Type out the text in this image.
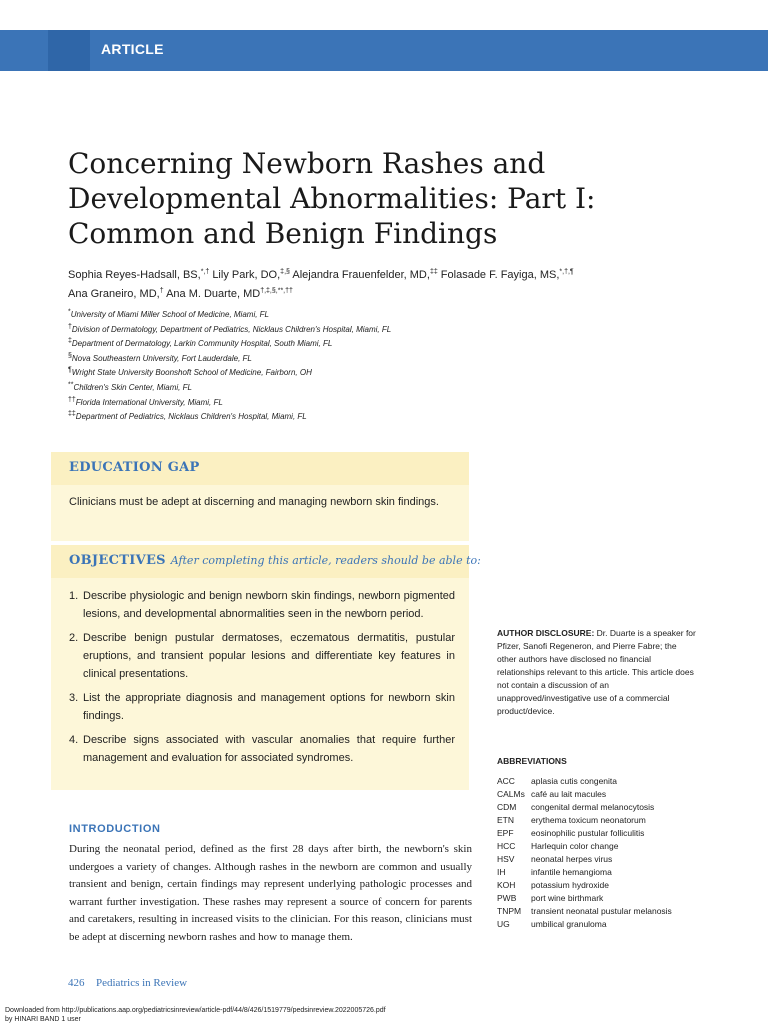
ARTICLE
Concerning Newborn Rashes and
Developmental Abnormalities: Part I:
Common and Benign Findings
Sophia Reyes-Hadsall, BS,*,† Lily Park, DO,‡,§ Alejandra Frauenfelder, MD,‡‡ Folasade F. Fayiga, MS,*,†,¶
Ana Graneiro, MD,† Ana M. Duarte, MD†,‡,§,**,††
*University of Miami Miller School of Medicine, Miami, FL
†Division of Dermatology, Department of Pediatrics, Nicklaus Children's Hospital, Miami, FL
‡Department of Dermatology, Larkin Community Hospital, South Miami, FL
§Nova Southeastern University, Fort Lauderdale, FL
¶Wright State University Boonshoft School of Medicine, Fairborn, OH
**Children's Skin Center, Miami, FL
††Florida International University, Miami, FL
‡‡Department of Pediatrics, Nicklaus Children's Hospital, Miami, FL
EDUCATION GAP
Clinicians must be adept at discerning and managing newborn skin findings.
OBJECTIVES After completing this article, readers should be able to:
1. Describe physiologic and benign newborn skin findings, newborn pigmented lesions, and developmental abnormalities seen in the newborn period.
2. Describe benign pustular dermatoses, eczematous dermatitis, pustular eruptions, and transient popular lesions and differentiate key features in clinical presentations.
3. List the appropriate diagnosis and management options for newborn skin findings.
4. Describe signs associated with vascular anomalies that require further management and evaluation for associated syndromes.
INTRODUCTION
During the neonatal period, defined as the first 28 days after birth, the newborn's skin undergoes a variety of changes. Although rashes in the newborn are common and usually transient and benign, certain findings may represent underlying pathologic processes and warrant further investigation. These rashes may represent a source of concern for parents and caretakers, resulting in increased visits to the clinician. For this reason, clinicians must be adept at discerning newborn rashes and how to manage them.
AUTHOR DISCLOSURE: Dr. Duarte is a speaker for Pfizer, Sanofi Regeneron, and Pierre Fabre; the other authors have disclosed no financial relationships relevant to this article. This article does not contain a discussion of an unapproved/investigative use of a commercial product/device.
ABBREVIATIONS
ACC	aplasia cutis congenita
CALMs café au lait macules
CDM	congenital dermal melanocytosis
ETN	erythema toxicum neonatorum
EPF	eosinophilic pustular folliculitis
HCC	Harlequin color change
HSV	neonatal herpes virus
IH	infantile hemangioma
KOH	potassium hydroxide
PWB	port wine birthmark
TNPM	transient neonatal pustular melanosis
UG	umbilical granuloma
426 Pediatrics in Review
Downloaded from http://publications.aap.org/pediatricsinreview/article-pdf/44/8/426/1519779/pedsinreview.2022005726.pdf
by HINARI BAND 1 user
